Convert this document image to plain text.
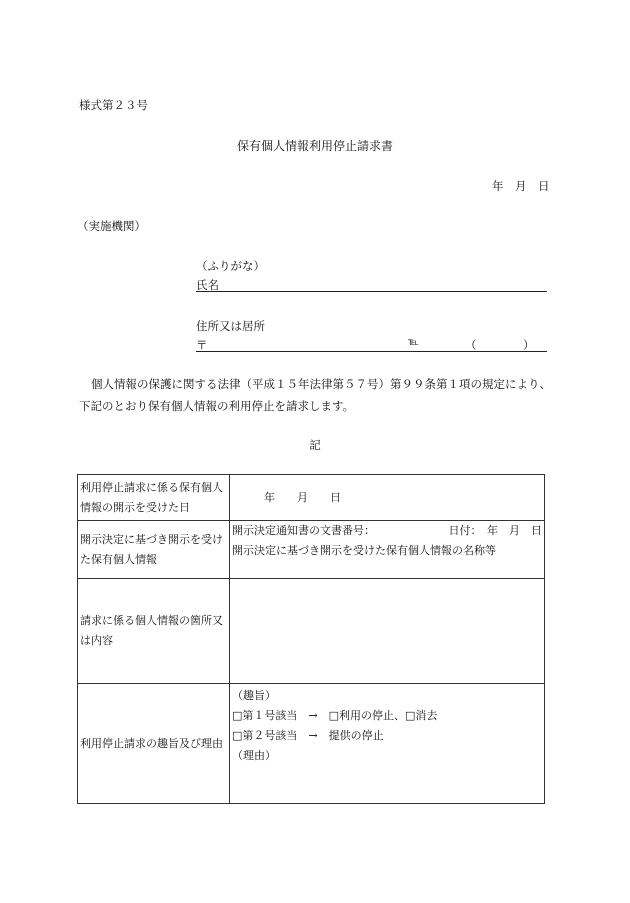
様式第２３号
保有個人情報利用停止請求書
年　月　日
（実施機関）
（ふりがな）
氏名
住所又は居所
〒	℡	（　　　）
個人情報の保護に関する法律（平成１５年法律第５７号）第９９条第１項の規定により、
下記のとおり保有個人情報の利用停止を請求します。
記
利用停止請求に係る保有個人情報の開示を受けた日	年　　月　　日
開示決定に基づき開示を受けた保有個人情報	開示決定通知書の文書番号： 日付：　年　月　日
開示決定に基づき開示を受けた保有個人情報の名称等

請求に係る個人情報の箇所又は内容	
利用停止請求の趣旨及び理由	（趣旨）
□第１号該当　→　□利用の停止、□消去
□第２号該当　→　提供の停止
（理由）
